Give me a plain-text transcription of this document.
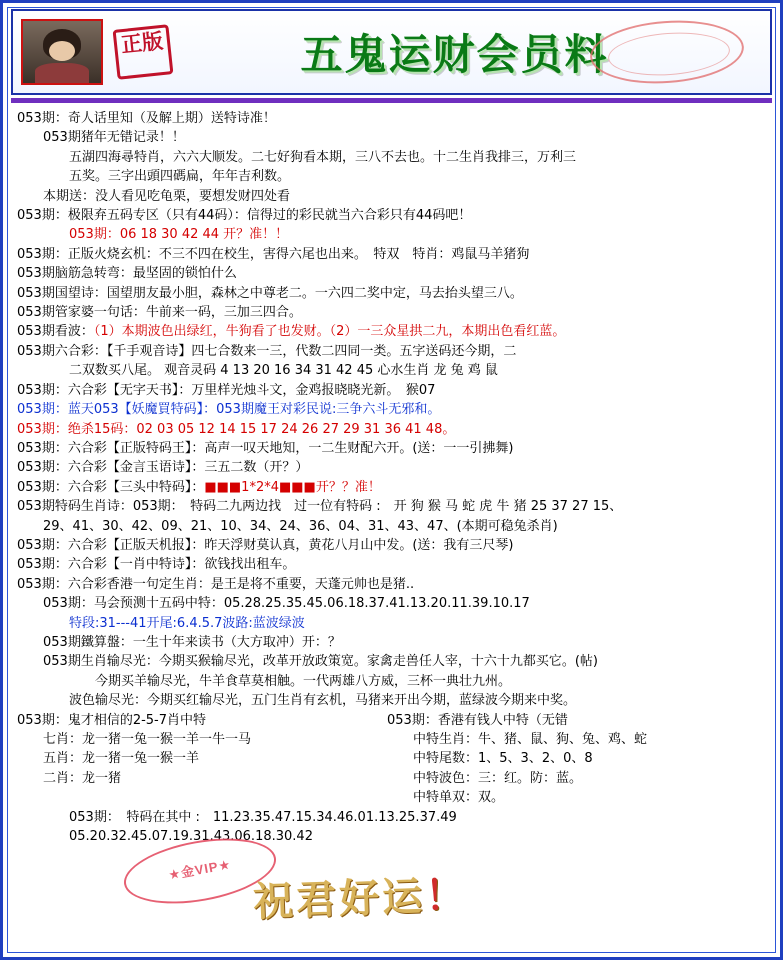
正版	五鬼运财会员料
053期：奇人话里知（及解上期）送特诗准！
053期猪年无错记录！！
五湖四海尋特肖，六六大顺发。二七好狗看本期，三八不去也。十二生肖我排三，万利三
五奖。三字出頭四碼扁，年年吉利数。
本期送：没人看见吃龟栗，要想发财四处看
053期：极限弃五码专区（只有44码）：信得过的彩民就当六合彩只有44码吧！
053期：06 18 30 42 44 开？准！！
053期：正版火烧玄机：不三不四在校生，害得六尾也出来。　特双　特肖：鸡鼠马羊猪狗
053期脑筋急转弯：最坚固的锁怕什么
053期国望诗：国望朋友最小胆，森林之中尊老二。一六四二奖中定，马去抬头望三八。
053期管家婆一句话：牛前来一码，三加三四合。
053期看波：（1）本期波色出绿红，牛狗看了也发财。（2）一三众星拱二九，本期出色看红蓝。
053期六合彩：【千手观音诗】四七合数来一三，代数二四同一类。五字送码还今期，二
二双数买八尾。 观音灵码 4 13 20 16 34 31 42 45 心水生肖 龙 兔 鸡 鼠
053期：六合彩【无字天书】：万里样光烛斗文，金鸡报晓晓光新。　猴07
053期：蓝天053【妖魔買特码】：053期魔王对彩民说:三争六斗无邪和。
053期：绝杀15码：02 03 05 12 14 15 17 24 26 27 29 31 36 41 48。
053期：六合彩【正版特码王】：高声一叹天地知，一二生财配六开。(送：一一引拂舞)
053期：六合彩【金言玉语诗】：三五二数（开？）
053期：六合彩【三头中特码】：■■■1*2*4■■■开？？准！
053期特码生肖诗：053期：　特码二九两边找　过一位有特码 :　开 狗 猴 马 蛇 虎 牛 猪 25 37 27 15、
29、41、30、42、09、21、10、34、24、36、04、31、43、47、(本期可稳兔杀肖)
053期：六合彩【正版天机报】：昨天浮财莫认真，黄花八月山中发。(送：我有三尺琴)
053期：六合彩【一肖中特诗】：欲钱找出租车。
053期：六合彩香港一句定生肖：是王是将不重要，天蓬元帅也是猪..
053期：马会预测十五码中特：05.28.25.35.45.06.18.37.41.13.20.11.39.10.17
特段:31---41开尾:6.4.5.7波路:蓝波绿波
053期鐵算盤：一生十年来读书（大方取冲）开：？
053期生肖输尽光：今期买猴输尽光，改革开放政策宽。家禽走兽任人宰，十六十九都买它。(帖)
今期买羊输尽光，牛羊食草莫相触。一代两雄八方威，三杯一典壮九州。
波色输尽光：今期买红输尽光，五门生肖有玄机，马猪来开出今期，蓝绿波今期来中奖。
053期：鬼才相信的2-5-7肖中特
七肖：龙一猪一兔一猴一羊一牛一马
五肖：龙一猪一兔一猴一羊
二肖：龙一猪
053期：香港有钱人中特（无错
中特生肖：牛、猪、鼠、狗、兔、鸡、蛇
中特尾数：1、5、3、2、0、8
中特波色：三：红。防：蓝。
中特单双：双。
053期：　特码在其中 :　11.23.35.47.15.34.46.01.13.25.37.49
05.20.32.45.07.19.31.43.06.18.30.42
★金VIP★
祝君好运！
